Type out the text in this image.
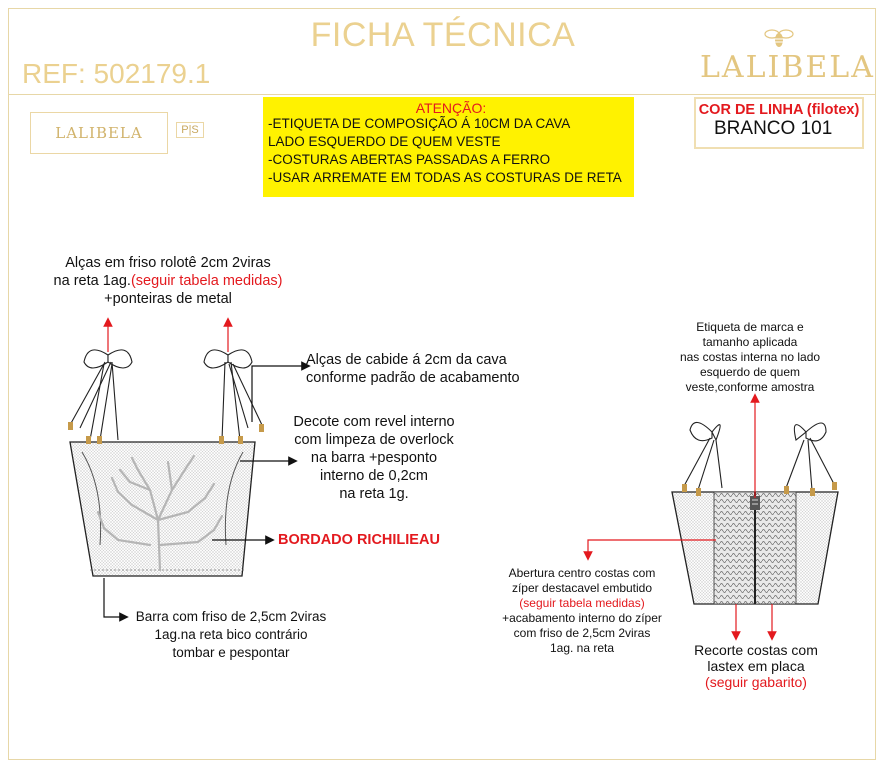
FICHA TÉCNICA
REF: 502179.1	LALIBELA
LALIBELA	P|S
ATENÇÃO:
-ETIQUETA DE COMPOSIÇÃO Á 10CM DA CAVA
LADO ESQUERDO DE QUEM VESTE
-COSTURAS ABERTAS PASSADAS A FERRO
-USAR ARREMATE EM TODAS AS COSTURAS DE RETA
COR DE LINHA (filotex)
BRANCO 101
Alças em friso rolotê 2cm 2viras
na reta 1ag.(seguir tabela medidas)
+ponteiras de metal
Alças de cabide á 2cm da cava
conforme padrão de acabamento
Decote com revel interno
com limpeza de overlock
na barra +pesponto
interno de 0,2cm
na reta 1g.
BORDADO RICHILIEAU
Barra com friso de 2,5cm 2viras
1ag.na reta bico contrário
tombar e pespontar
Etiqueta de marca e
tamanho aplicada
nas costas interna no lado
esquerdo de quem
veste,conforme amostra
Abertura centro costas com
zíper destacavel embutido
(seguir tabela medidas)
+acabamento interno do zíper
com friso de 2,5cm 2viras
1ag. na reta	Recorte costas com
lastex em placa
(seguir gabarito)
